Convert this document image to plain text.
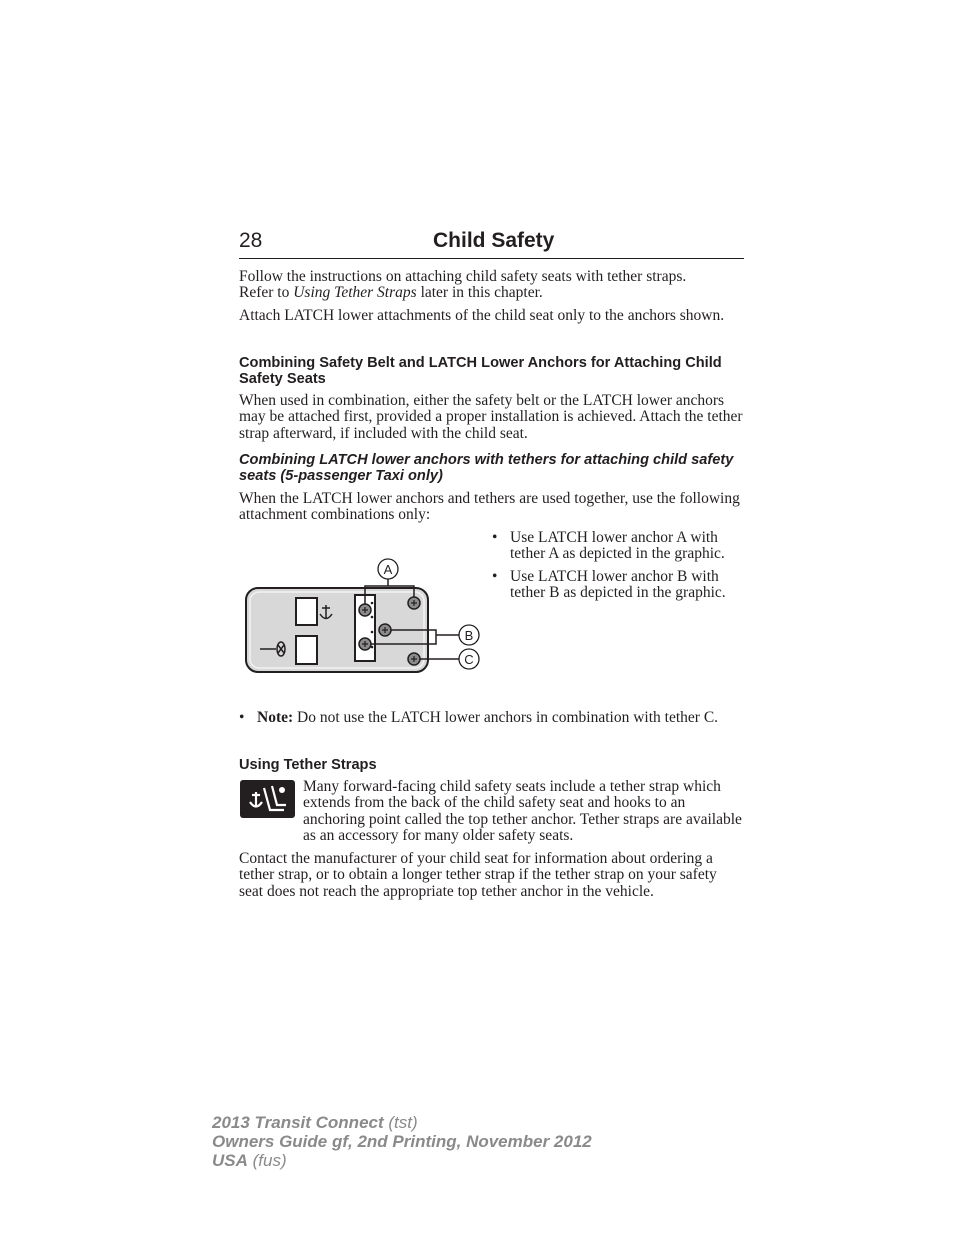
28	Child Safety
Follow the instructions on attaching child safety seats with tether straps.
Refer to Using Tether Straps later in this chapter.

Attach LATCH lower attachments of the child seat only to the anchors shown.

Combining Safety Belt and LATCH Lower Anchors for Attaching Child Safety Seats

When used in combination, either the safety belt or the LATCH lower anchors may be attached first, provided a proper installation is achieved. Attach the tether strap afterward, if included with the child seat.

Combining LATCH lower anchors with tethers for attaching child safety seats (5-passenger Taxi only)

When the LATCH lower anchors and tethers are used together, use the following attachment combinations only:

• Use LATCH lower anchor A with tether A as depicted in the graphic.
• Use LATCH lower anchor B with tether B as depicted in the graphic.
A
B
C
• Note: Do not use the LATCH lower anchors in combination with tether C.

Using Tether Straps

Many forward-facing child safety seats include a tether strap which extends from the back of the child safety seat and hooks to an anchoring point called the top tether anchor. Tether straps are available as an accessory for many older safety seats.

Contact the manufacturer of your child seat for information about ordering a tether strap, or to obtain a longer tether strap if the tether strap on your safety seat does not reach the appropriate top tether anchor in the vehicle.

2013 Transit Connect (tst)
Owners Guide gf, 2nd Printing, November 2012
USA (fus)
